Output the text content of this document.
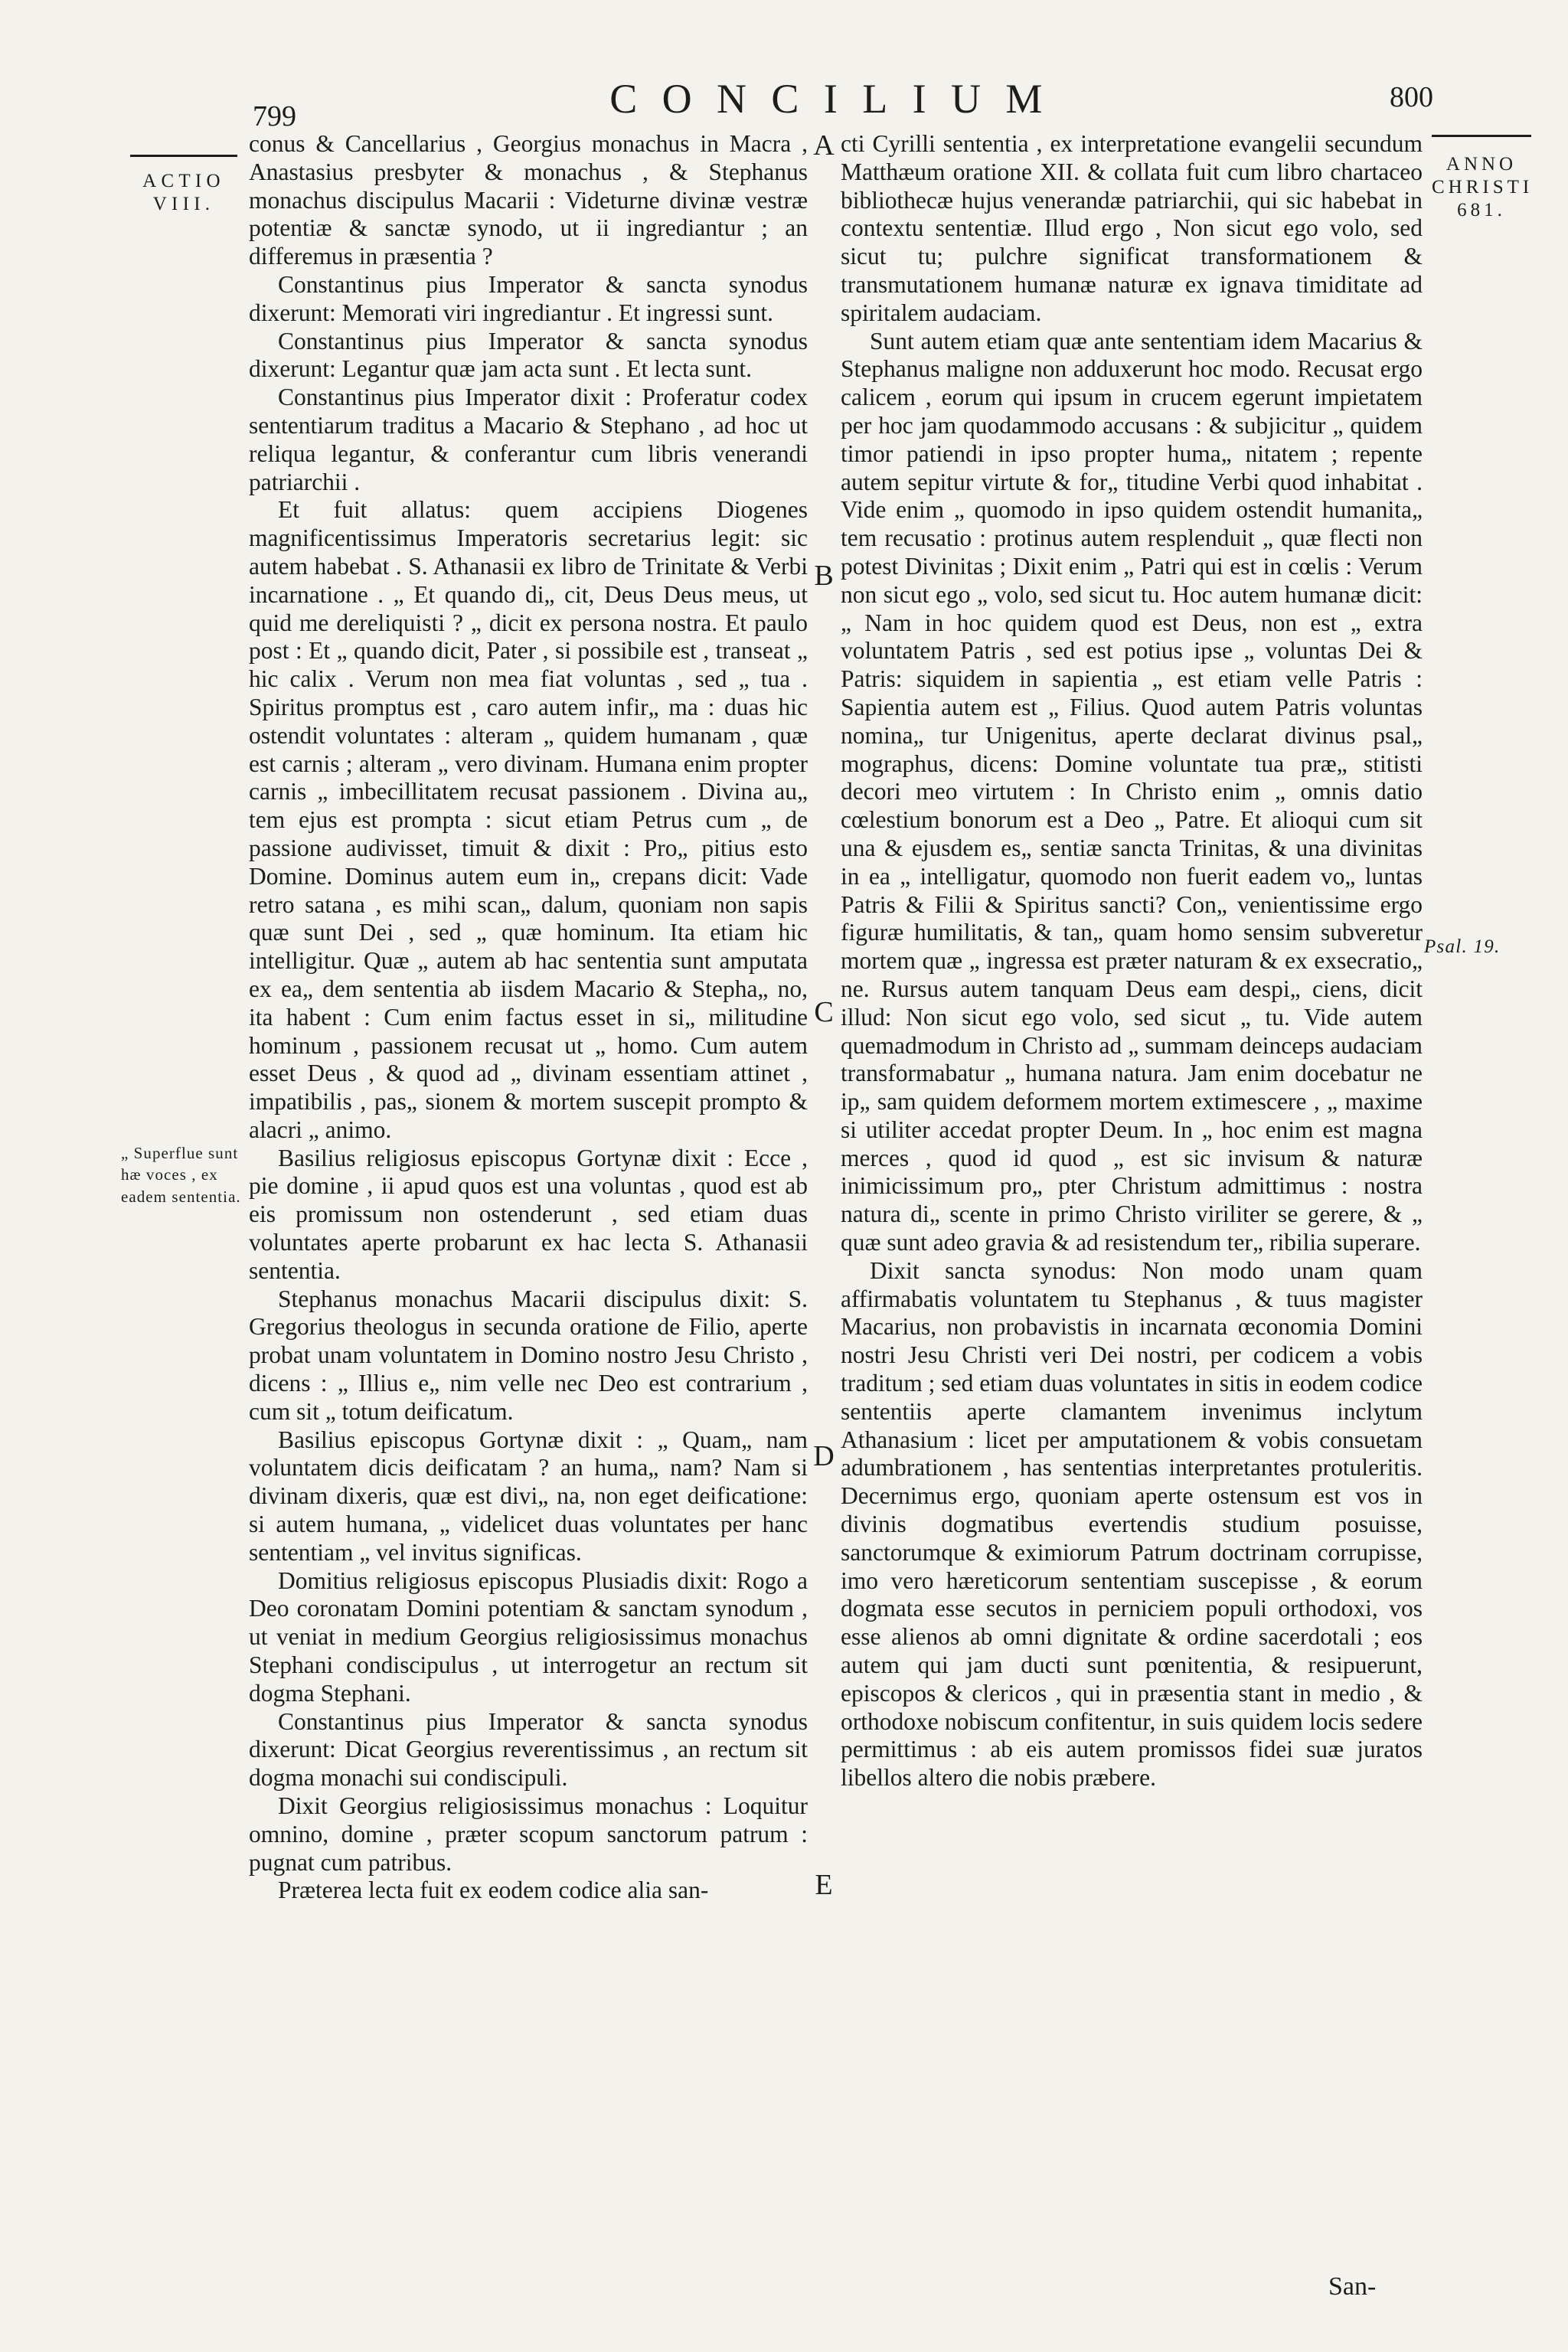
799	CONCILIUM	800
ACTIO VIII.
ANNO CHRISTI 681.
„ Superflue sunt hæ voces , ex eadem sententia.
Psal. 19.

conus & Cancellarius , Georgius monachus in Macra , Anastasius presbyter & monachus , & Stephanus monachus discipulus Macarii : Videturne divinæ vestræ potentiæ & sanctæ synodo, ut ii ingrediantur ; an differemus in præsentia ?

Constantinus pius Imperator & sancta synodus dixerunt: Memorati viri ingrediantur . Et ingressi sunt.

Constantinus pius Imperator & sancta synodus dixerunt: Legantur quæ jam acta sunt . Et lecta sunt.

Constantinus pius Imperator dixit : Proferatur codex sententiarum traditus a Macario & Stephano , ad hoc ut reliqua legantur, & conferantur cum libris venerandi patriarchii .

Et fuit allatus: quem accipiens Diogenes magnificentissimus Imperatoris secretarius legit: sic autem habebat . S. Athanasii ex libro de Trinitate & Verbi incarnatione . „ Et quando di„ cit, Deus Deus meus, ut quid me dereliquisti ? „ dicit ex persona nostra. Et paulo post : Et „ quando dicit, Pater , si possibile est , transeat „ hic calix . Verum non mea fiat voluntas , sed „ tua . Spiritus promptus est , caro autem infir„ ma : duas hic ostendit voluntates : alteram „ quidem humanam , quæ est carnis ; alteram „ vero divinam. Humana enim propter carnis „ imbecillitatem recusat passionem . Divina au„ tem ejus est prompta : sicut etiam Petrus cum „ de passione audivisset, timuit & dixit : Pro„ pitius esto Domine. Dominus autem eum in„ crepans dicit: Vade retro satana , es mihi scan„ dalum, quoniam non sapis quæ sunt Dei , sed „ quæ hominum. Ita etiam hic intelligitur. Quæ „ autem ab hac sententia sunt amputata ex ea„ dem sententia ab iisdem Macario & Stepha„ no, ita habent : Cum enim factus esset in si„ militudine hominum , passionem recusat ut „ homo. Cum autem esset Deus , & quod ad „ divinam essentiam attinet , impatibilis , pas„ sionem & mortem suscepit prompto & alacri „ animo.

Basilius religiosus episcopus Gortynæ dixit : Ecce , pie domine , ii apud quos est una voluntas , quod est ab eis promissum non ostenderunt , sed etiam duas voluntates aperte probarunt ex hac lecta S. Athanasii sententia.

Stephanus monachus Macarii discipulus dixit: S. Gregorius theologus in secunda oratione de Filio, aperte probat unam voluntatem in Domino nostro Jesu Christo , dicens : „ Illius e„ nim velle nec Deo est contrarium , cum sit „ totum deificatum.

Basilius episcopus Gortynæ dixit : „ Quam„ nam voluntatem dicis deificatam ? an huma„ nam? Nam si divinam dixeris, quæ est divi„ na, non eget deificatione: si autem humana, „ videlicet duas voluntates per hanc sententiam „ vel invitus significas.

Domitius religiosus episcopus Plusiadis dixit: Rogo a Deo coronatam Domini potentiam & sanctam synodum , ut veniat in medium Georgius religiosissimus monachus Stephani condiscipulus , ut interrogetur an rectum sit dogma Stephani.

Constantinus pius Imperator & sancta synodus dixerunt: Dicat Georgius reverentissimus , an rectum sit dogma monachi sui condiscipuli.

Dixit Georgius religiosissimus monachus : Loquitur omnino, domine , præter scopum sanctorum patrum : pugnat cum patribus.

Præterea lecta fuit ex eodem codice alia san-

A
B
C
D
E

cti Cyrilli sententia , ex interpretatione evangelii secundum Matthæum oratione XII. & collata fuit cum libro chartaceo bibliothecæ hujus venerandæ patriarchii, qui sic habebat in contextu sententiæ. Illud ergo , Non sicut ego volo, sed sicut tu; pulchre significat transformationem & transmutationem humanæ naturæ ex ignava timiditate ad spiritalem audaciam.

Sunt autem etiam quæ ante sententiam idem Macarius & Stephanus maligne non adduxerunt hoc modo. Recusat ergo calicem , eorum qui ipsum in crucem egerunt impietatem per hoc jam quodammodo accusans : & subjicitur „ quidem timor patiendi in ipso propter huma„ nitatem ; repente autem sepitur virtute & for„ titudine Verbi quod inhabitat . Vide enim „ quomodo in ipso quidem ostendit humanita„ tem recusatio : protinus autem resplenduit „ quæ flecti non potest Divinitas ; Dixit enim „ Patri qui est in cœlis : Verum non sicut ego „ volo, sed sicut tu. Hoc autem humanæ dicit: „ Nam in hoc quidem quod est Deus, non est „ extra voluntatem Patris , sed est potius ipse „ voluntas Dei & Patris: siquidem in sapientia „ est etiam velle Patris : Sapientia autem est „ Filius. Quod autem Patris voluntas nomina„ tur Unigenitus, aperte declarat divinus psal„ mographus, dicens: Domine voluntate tua præ„ stitisti decori meo virtutem : In Christo enim „ omnis datio cœlestium bonorum est a Deo „ Patre. Et alioqui cum sit una & ejusdem es„ sentiæ sancta Trinitas, & una divinitas in ea „ intelligatur, quomodo non fuerit eadem vo„ luntas Patris & Filii & Spiritus sancti? Con„ venientissime ergo figuræ humilitatis, & tan„ quam homo sensim subveretur mortem quæ „ ingressa est præter naturam & ex exsecratio„ ne. Rursus autem tanquam Deus eam despi„ ciens, dicit illud: Non sicut ego volo, sed sicut „ tu. Vide autem quemadmodum in Christo ad „ summam deinceps audaciam transformabatur „ humana natura. Jam enim docebatur ne ip„ sam quidem deformem mortem extimescere , „ maxime si utiliter accedat propter Deum. In „ hoc enim est magna merces , quod id quod „ est sic invisum & naturæ inimicissimum pro„ pter Christum admittimus : nostra natura di„ scente in primo Christo viriliter se gerere, & „ quæ sunt adeo gravia & ad resistendum ter„ ribilia superare.

Dixit sancta synodus: Non modo unam quam affirmabatis voluntatem tu Stephanus , & tuus magister Macarius, non probavistis in incarnata œconomia Domini nostri Jesu Christi veri Dei nostri, per codicem a vobis traditum ; sed etiam duas voluntates in sitis in eodem codice sententiis aperte clamantem invenimus inclytum Athanasium : licet per amputationem & vobis consuetam adumbrationem , has sententias interpretantes protuleritis. Decernimus ergo, quoniam aperte ostensum est vos in divinis dogmatibus evertendis studium posuisse, sanctorumque & eximiorum Patrum doctrinam corrupisse, imo vero hæreticorum sententiam suscepisse , & eorum dogmata esse secutos in perniciem populi orthodoxi, vos esse alienos ab omni dignitate & ordine sacerdotali ; eos autem qui jam ducti sunt pœnitentia, & resipuerunt, episcopos & clericos , qui in præsentia stant in medio , & orthodoxe nobiscum confitentur, in suis quidem locis sedere permittimus : ab eis autem promissos fidei suæ juratos libellos altero die nobis præbere.

San-
